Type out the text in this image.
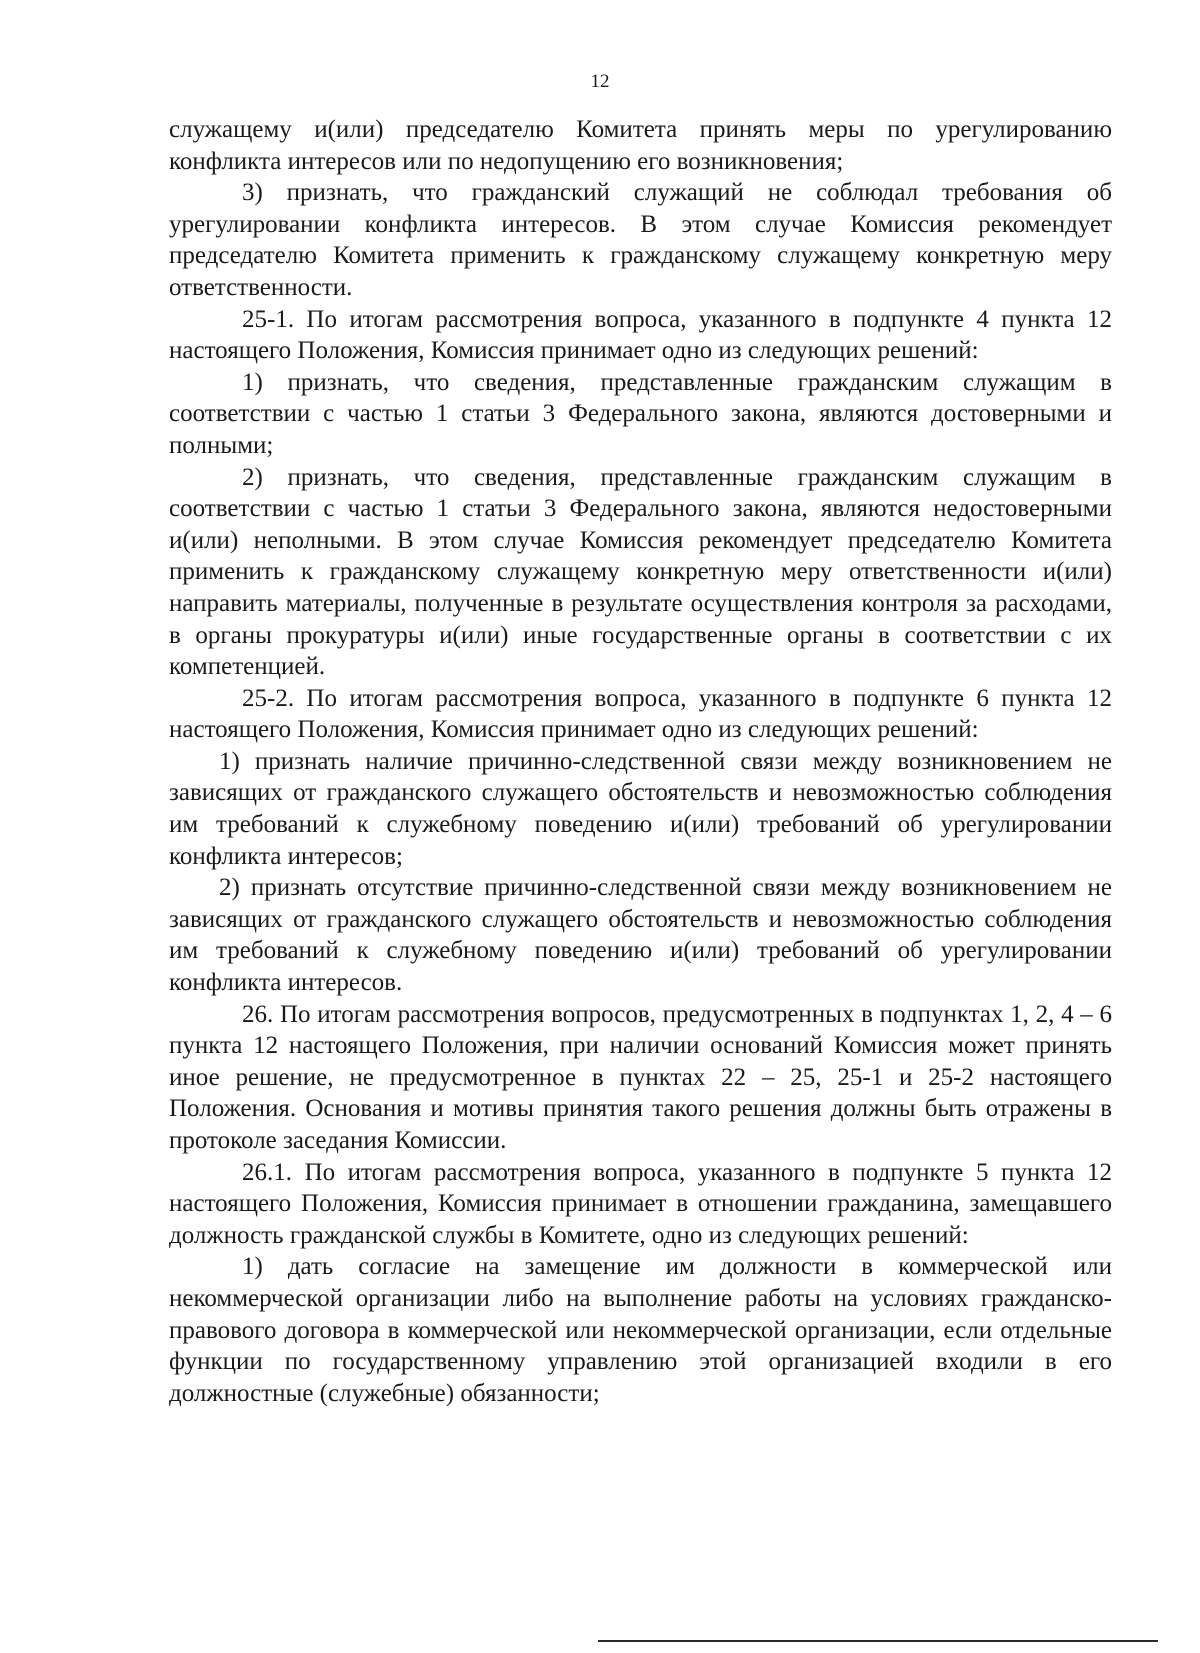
12

служащему и(или) председателю Комитета принять меры по урегулированию конфликта интересов или по недопущению его возникновения;

3) признать, что гражданский служащий не соблюдал требования об урегулировании конфликта интересов. В этом случае Комиссия рекомендует председателю Комитета применить к гражданскому служащему конкретную меру ответственности.

25-1. По итогам рассмотрения вопроса, указанного в подпункте 4 пункта 12 настоящего Положения, Комиссия принимает одно из следующих решений:

1) признать, что сведения, представленные гражданским служащим в соответствии с частью 1 статьи 3 Федерального закона, являются достоверными и полными;

2) признать, что сведения, представленные гражданским служащим в соответствии с частью 1 статьи 3 Федерального закона, являются недостоверными и(или) неполными. В этом случае Комиссия рекомендует председателю Комитета применить к гражданскому служащему конкретную меру ответственности и(или) направить материалы, полученные в результате осуществления контроля за расходами, в органы прокуратуры и(или) иные государственные органы в соответствии с их компетенцией.

25-2. По итогам рассмотрения вопроса, указанного в подпункте 6 пункта 12 настоящего Положения, Комиссия принимает одно из следующих решений:

1) признать наличие причинно-следственной связи между возникновением не зависящих от гражданского служащего обстоятельств и невозможностью соблюдения им требований к служебному поведению и(или) требований об урегулировании конфликта интересов;

2) признать отсутствие причинно-следственной связи между возникновением не зависящих от гражданского служащего обстоятельств и невозможностью соблюдения им требований к служебному поведению и(или) требований об урегулировании конфликта интересов.

26. По итогам рассмотрения вопросов, предусмотренных в подпунктах 1, 2, 4 – 6 пункта 12 настоящего Положения, при наличии оснований Комиссия может принять иное решение, не предусмотренное в пунктах 22 – 25, 25-1 и 25-2 настоящего Положения. Основания и мотивы принятия такого решения должны быть отражены в протоколе заседания Комиссии.

26.1. По итогам рассмотрения вопроса, указанного в подпункте 5 пункта 12 настоящего Положения, Комиссия принимает в отношении гражданина, замещавшего должность гражданской службы в Комитете, одно из следующих решений:

1) дать согласие на замещение им должности в коммерческой или некоммерческой организации либо на выполнение работы на условиях гражданско-правового договора в коммерческой или некоммерческой организации, если отдельные функции по государственному управлению этой организацией входили в его должностные (служебные) обязанности;
